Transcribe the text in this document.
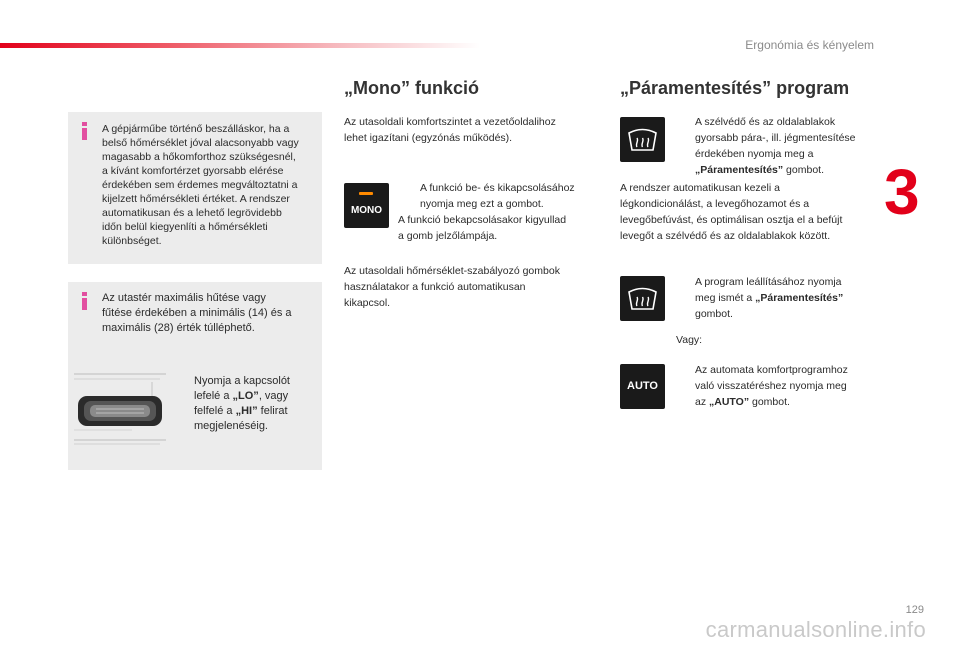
Ergonómia és kényelem
3
A gépjárműbe történő beszálláskor, ha a
belső hőmérséklet jóval alacsonyabb vagy
magasabb a hőkomforthoz szükségesnél,
a kívánt komfortérzet gyorsabb elérése
érdekében sem érdemes megváltoztatni a
kijelzett hőmérsékleti értéket. A rendszer
automatikusan és a lehető legrövidebb
időn belül kiegyenlíti a hőmérsékleti
különbséget.
Az utastér maximális hűtése vagy
fűtése érdekében a minimális (14) és a
maximális (28) érték túlléphető.
Nyomja a kapcsolót
lefelé a „LO”, vagy
felfelé a „HI” felirat
megjelenéséig.
„Mono” funkció
Az utasoldali komfortszintet a vezetőoldalihoz
lehet igazítani (egyzónás működés).
MONO
A funkció be- és kikapcsolásához
nyomja meg ezt a gombot.
A funkció bekapcsolásakor kigyullad
a gomb jelzőlámpája.
Az utasoldali hőmérséklet-szabályozó gombok
használatakor a funkció automatikusan
kikapcsol.
„Páramentesítés” program
A szélvédő és az oldalablakok
gyorsabb pára-, ill. jégmentesítése
érdekében nyomja meg a
„Páramentesítés” gombot.
A rendszer automatikusan kezeli a
légkondicionálást, a levegőhozamot és a
levegőbefúvást, és optimálisan osztja el a befújt
levegőt a szélvédő és az oldalablakok között.
A program leállításához nyomja
meg ismét a „Páramentesítés”
gombot.
Vagy:
AUTO
Az automata komfortprogramhoz
való visszatéréshez nyomja meg
az „AUTO” gombot.
129
carmanualsonline.info
